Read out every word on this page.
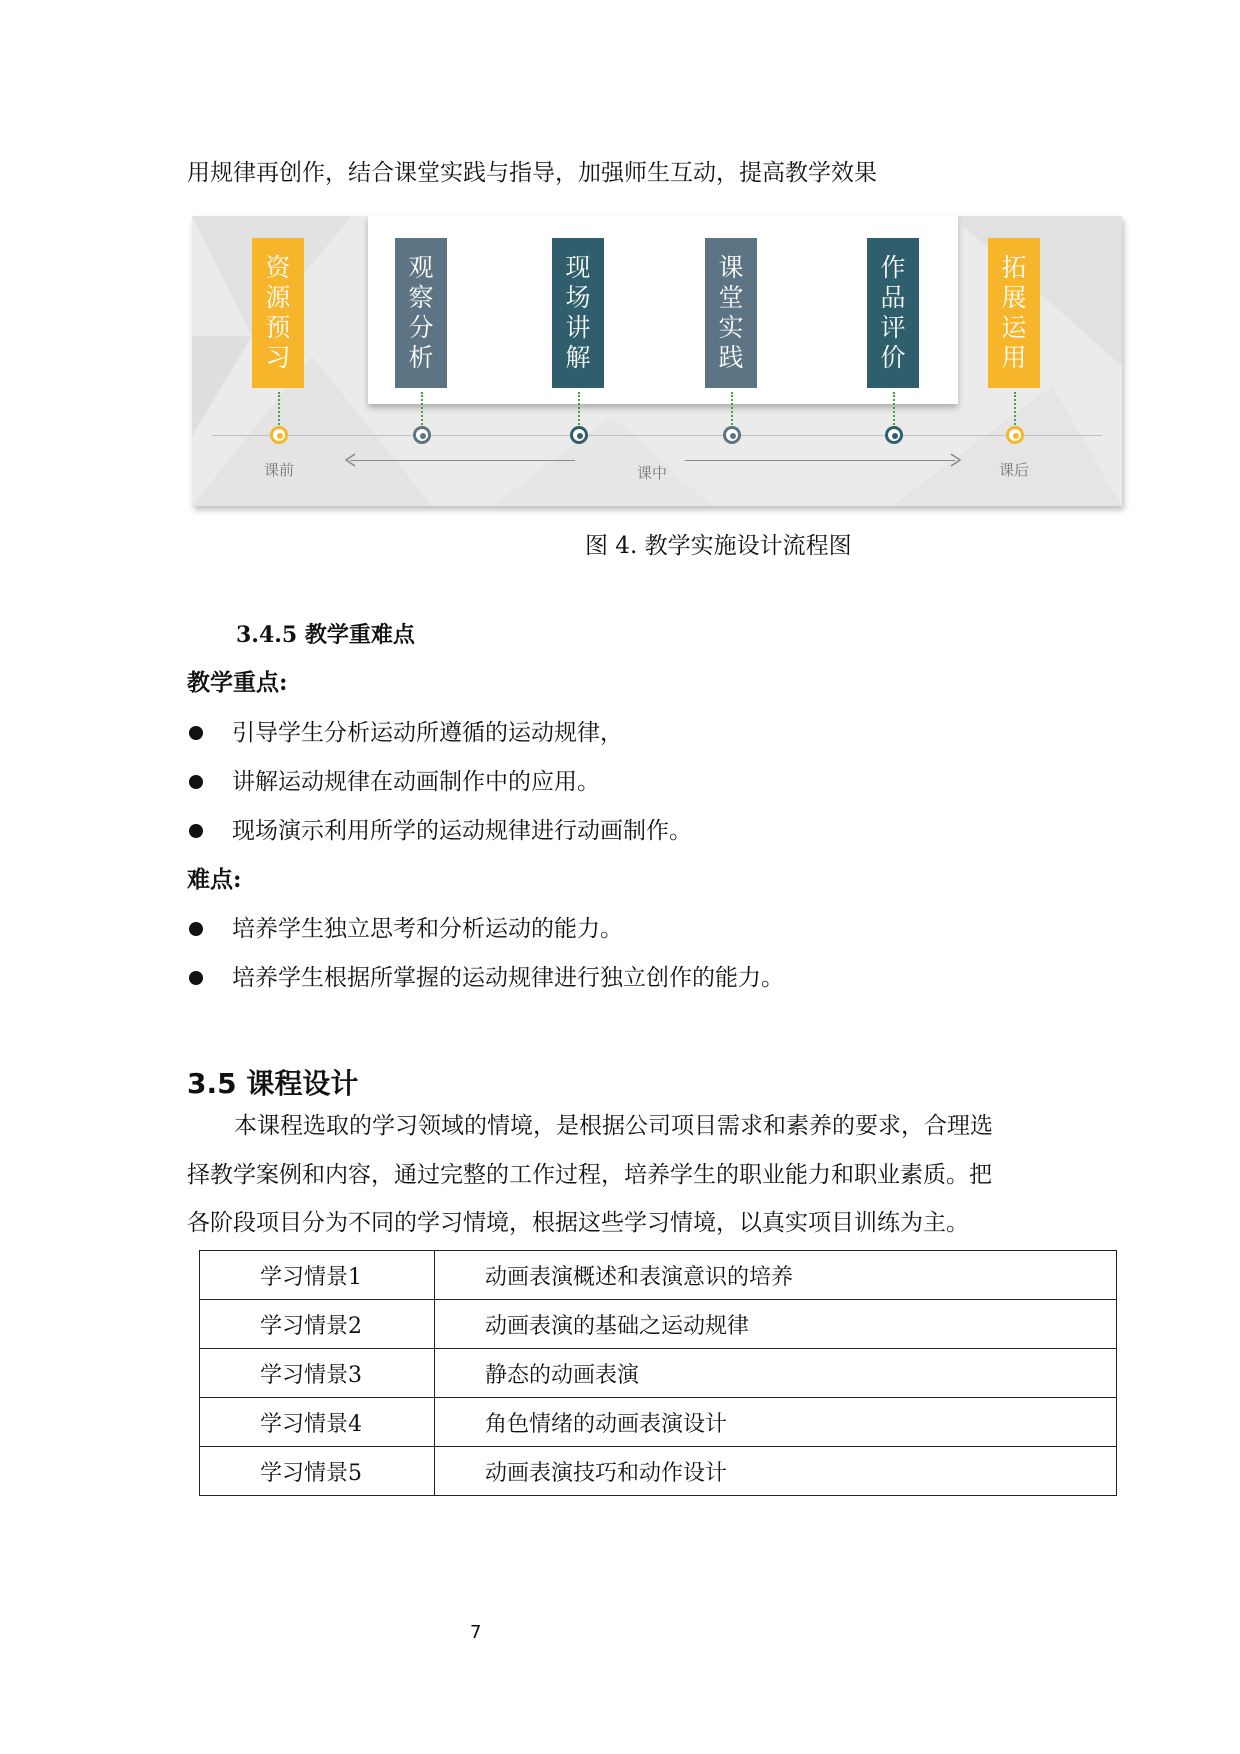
用规律再创作，结合课堂实践与指导，加强师生互动，提高教学效果
资
源
预
习
观
察
分
析
现
场
讲
解
课
堂
实
践
作
品
评
价
拓
展
运
用
课前	课中	课后
图 4. 教学实施设计流程图
3.4.5 教学重难点
教学重点:
引导学生分析运动所遵循的运动规律，
讲解运动规律在动画制作中的应用。
现场演示利用所学的运动规律进行动画制作。
难点:
培养学生独立思考和分析运动的能力。
培养学生根据所掌握的运动规律进行独立创作的能力。
3.5 课程设计
本课程选取的学习领域的情境，是根据公司项目需求和素养的要求，合理选
择教学案例和内容，通过完整的工作过程，培养学生的职业能力和职业素质。把
各阶段项目分为不同的学习情境，根据这些学习情境，以真实项目训练为主。
学习情景1	动画表演概述和表演意识的培养
学习情景2	动画表演的基础之运动规律
学习情景3	静态的动画表演
学习情景4	角色情绪的动画表演设计
学习情景5	动画表演技巧和动作设计
7
